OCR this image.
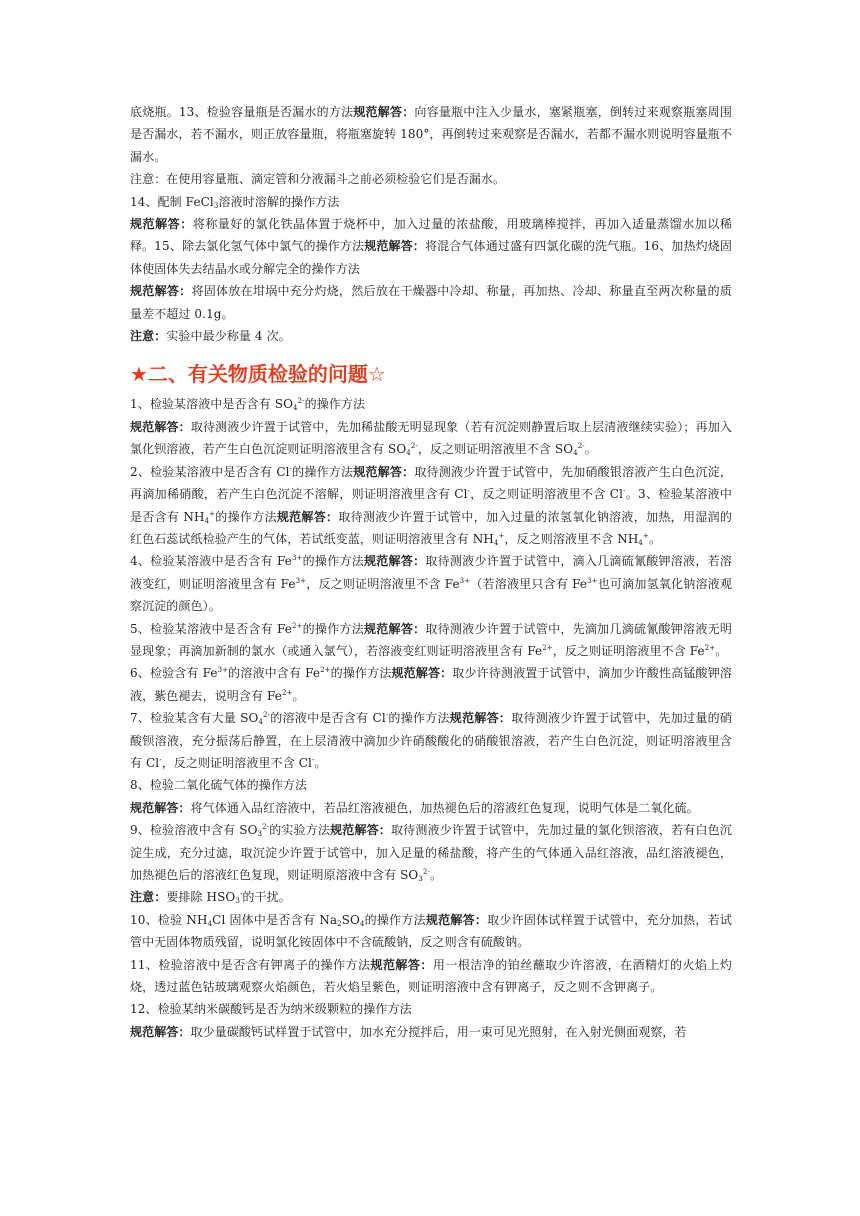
底烧瓶。13、检验容量瓶是否漏水的方法规范解答：向容量瓶中注入少量水，塞紧瓶塞，倒转过来观察瓶塞周围是否漏水，若不漏水，则正放容量瓶，将瓶塞旋转 180°，再倒转过来观察是否漏水，若都不漏水则说明容量瓶不漏水。

注意：在使用容量瓶、滴定管和分液漏斗之前必须检验它们是否漏水。

14、配制 FeCl$_3$溶液时溶解的操作方法

规范解答：将称量好的氯化铁晶体置于烧杯中，加入过量的浓盐酸，用玻璃棒搅拌，再加入适量蒸馏水加以稀释。15、除去氯化氢气体中氯气的操作方法规范解答：将混合气体通过盛有四氯化碳的洗气瓶。16、加热灼烧固体使固体失去结晶水或分解完全的操作方法

规范解答：将固体放在坩埚中充分灼烧，然后放在干燥器中冷却、称量，再加热、冷却、称量直至两次称量的质量差不超过 0.1g。

注意：实验中最少称量 4 次。

★二、有关物质检验的问题☆

1、检验某溶液中是否含有 $SO_4^{2-}$的操作方法

规范解答：取待测液少许置于试管中，先加稀盐酸无明显现象（若有沉淀则静置后取上层清液继续实验）；再加入氯化钡溶液，若产生白色沉淀则证明溶液里含有 $SO_4^{2-}$，反之则证明溶液里不含 $SO_4^{2-}$。

2、检验某溶液中是否含有 Cl-的操作方法规范解答：取待测液少许置于试管中，先加硝酸银溶液产生白色沉淀，再滴加稀硝酸，若产生白色沉淀不溶解，则证明溶液里含有 Cl-，反之则证明溶液里不含 Cl-。3、检验某溶液中是否含有 $NH_4^+$的操作方法规范解答：取待测液少许置于试管中，加入过量的浓氢氧化钠溶液，加热，用湿润的红色石蕊试纸检验产生的气体，若试纸变蓝，则证明溶液里含有 $NH_4^+$，反之则溶液里不含 $NH_4^+$。

4、检验某溶液中是否含有 $Fe^{3+}$的操作方法规范解答：取待测液少许置于试管中，滴入几滴硫氰酸钾溶液，若溶液变红，则证明溶液里含有 $Fe^{3+}$，反之则证明溶液里不含 $Fe^{3+}$（若溶液里只含有 $Fe^{3+}$也可滴加氢氧化钠溶液观察沉淀的颜色）。

5、检验某溶液中是否含有 $Fe^{2+}$的操作方法规范解答：取待测液少许置于试管中，先滴加几滴硫氰酸钾溶液无明显现象；再滴加新制的氯水（或通入氯气），若溶液变红则证明溶液里含有 $Fe^{2+}$，反之则证明溶液里不含 $Fe^{2+}$。

6、检验含有 $Fe^{3+}$的溶液中含有 $Fe^{2+}$的操作方法规范解答：取少许待测液置于试管中，滴加少许酸性高锰酸钾溶液，紫色褪去，说明含有 $Fe^{2+}$。

7、检验某含有大量 $SO_4^{2-}$的溶液中是否含有 Cl-的操作方法规范解答：取待测液少许置于试管中，先加过量的硝酸钡溶液，充分振荡后静置，在上层清液中滴加少许硝酸酸化的硝酸银溶液，若产生白色沉淀，则证明溶液里含有 Cl-，反之则证明溶液里不含 Cl-。

8、检验二氧化硫气体的操作方法

规范解答：将气体通入品红溶液中，若品红溶液褪色，加热褪色后的溶液红色复现，说明气体是二氧化硫。

9、检验溶液中含有 $SO_3^{2-}$的实验方法规范解答：取待测液少许置于试管中，先加过量的氯化钡溶液，若有白色沉淀生成，充分过滤，取沉淀少许置于试管中，加入足量的稀盐酸，将产生的气体通入品红溶液，品红溶液褪色，加热褪色后的溶液红色复现，则证明原溶液中含有 $SO_3^{2-}$。

注意：要排除 $HSO_3^-$的干扰。

10、检验 $NH_4Cl$ 固体中是否含有 $Na_2SO_4$的操作方法规范解答：取少许固体试样置于试管中，充分加热，若试管中无固体物质残留，说明氯化铵固体中不含硫酸钠，反之则含有硫酸钠。

11、检验溶液中是否含有钾离子的操作方法规范解答：用一根洁净的铂丝蘸取少许溶液，在酒精灯的火焰上灼烧，透过蓝色钴玻璃观察火焰颜色，若火焰呈紫色，则证明溶液中含有钾离子，反之则不含钾离子。

12、检验某纳米碳酸钙是否为纳米级颗粒的操作方法

规范解答：取少量碳酸钙试样置于试管中，加水充分搅拌后，用一束可见光照射，在入射光侧面观察，若
